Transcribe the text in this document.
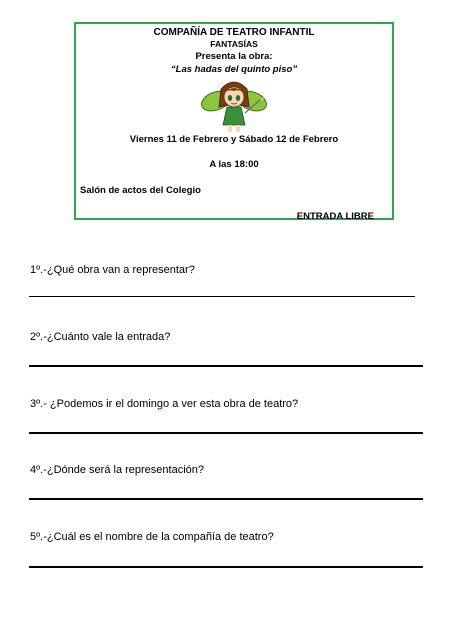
COMPAÑÍA DE TEATRO INFANTIL
FANTASÍAS
Presenta la obra:
“Las hadas del quinto piso”
Viernes 11 de Febrero y Sábado 12 de Febrero
A las 18:00
Salón de actos del Colegio
ENTRADA LIBRE
1º.-¿Qué obra van a representar?
2º.-¿Cuánto vale la entrada?
3º.- ¿Podemos ir el domingo a ver esta obra de teatro?
4º.-¿Dónde será la representación?
5º.-¿Cuál es el nombre de la compañía de teatro?
